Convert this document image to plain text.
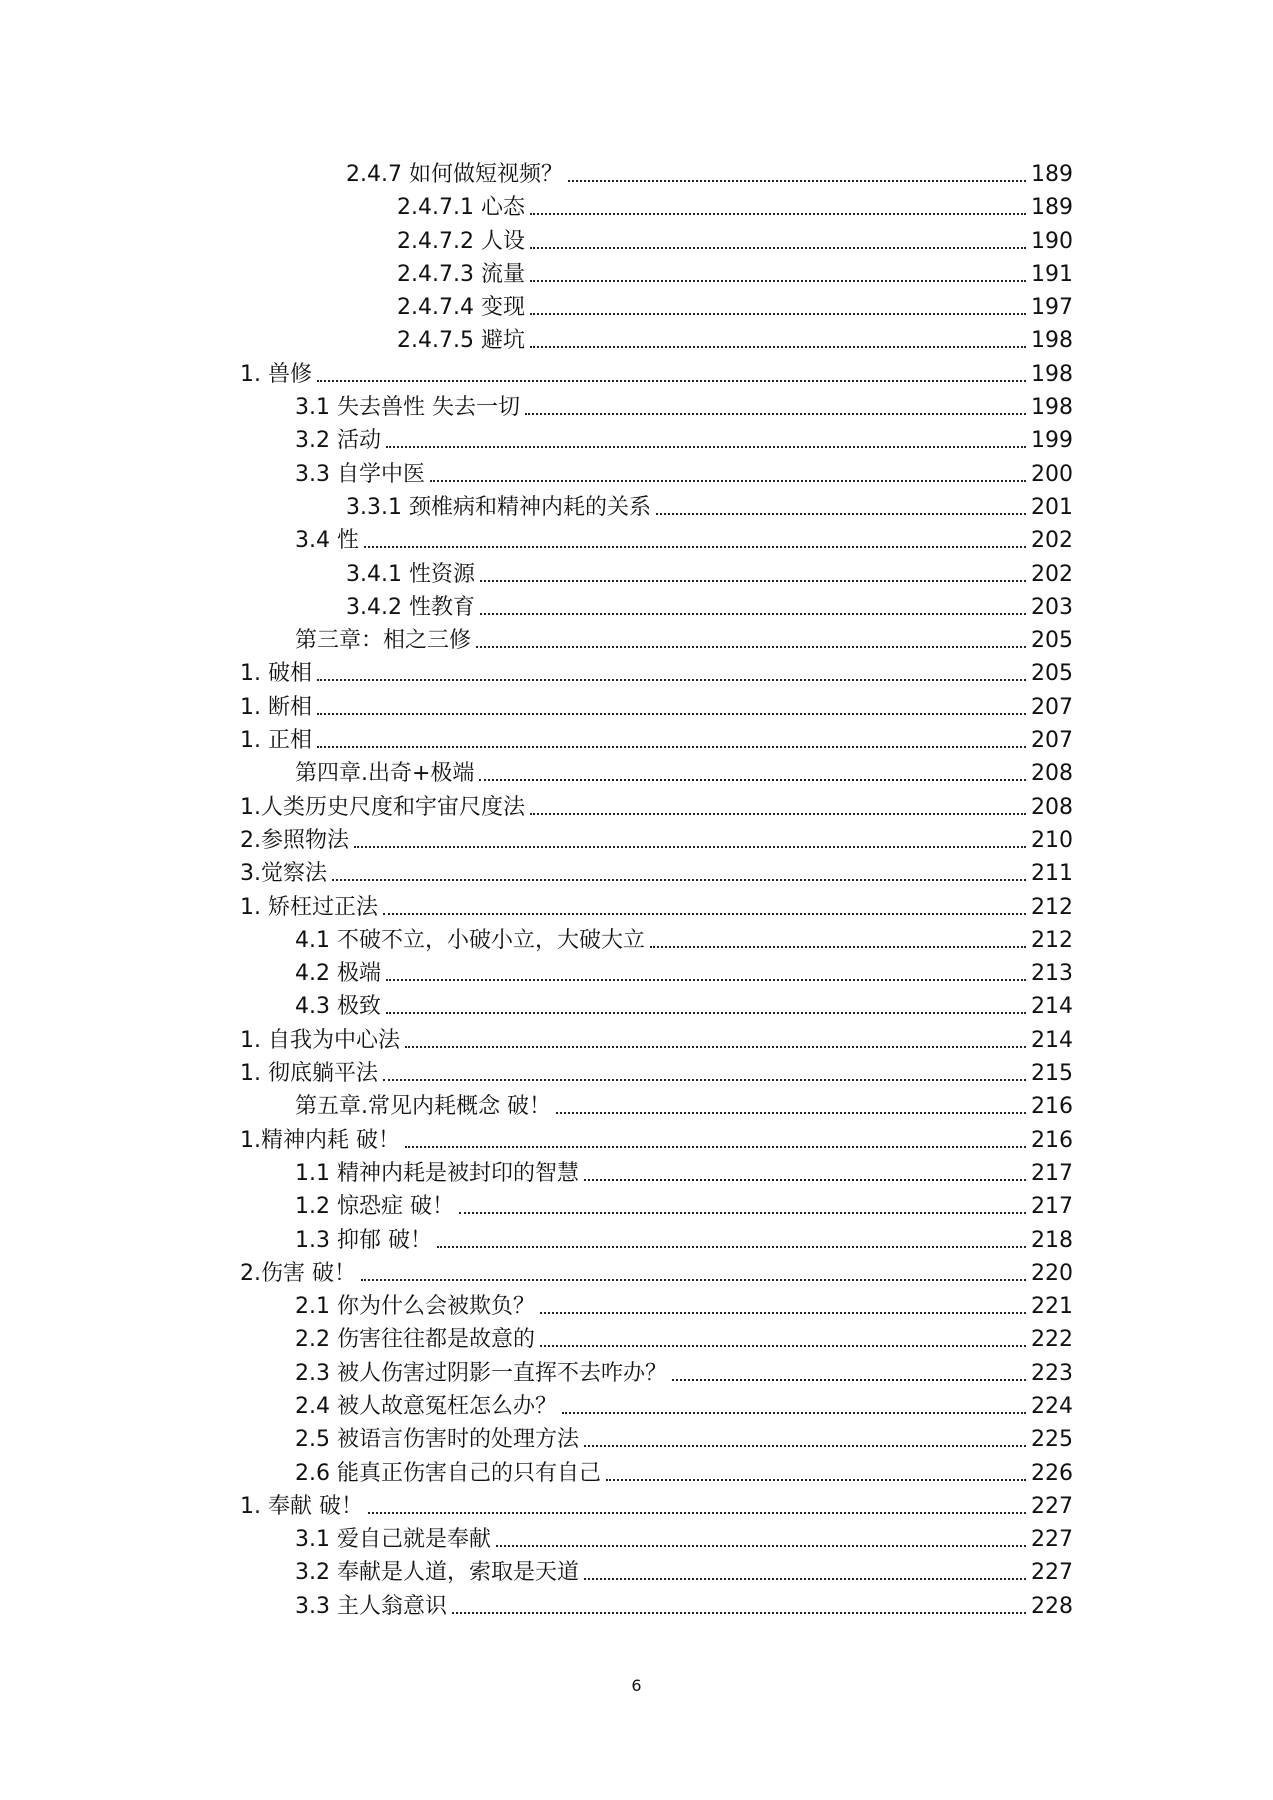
2.4.7 如何做短视频？	189
2.4.7.1 心态	189
2.4.7.2 人设	190
2.4.7.3 流量	191
2.4.7.4 变现	197
2.4.7.5 避坑	198
1. 兽修	198
3.1 失去兽性 失去一切	198
3.2 活动	199
3.3 自学中医	200
3.3.1 颈椎病和精神内耗的关系	201
3.4 性	202
3.4.1 性资源	202
3.4.2 性教育	203
第三章：相之三修	205
1. 破相	205
1. 断相	207
1. 正相	207
第四章.出奇+极端	208
1.人类历史尺度和宇宙尺度法	208
2.参照物法	210
3.觉察法	211
1. 矫枉过正法	212
4.1 不破不立，小破小立，大破大立	212
4.2 极端	213
4.3 极致	214
1. 自我为中心法	214
1. 彻底躺平法	215
第五章.常见内耗概念 破！	216
1.精神内耗 破！	216
1.1 精神内耗是被封印的智慧	217
1.2 惊恐症 破！	217
1.3 抑郁 破！	218
2.伤害 破！	220
2.1 你为什么会被欺负？	221
2.2 伤害往往都是故意的	222
2.3 被人伤害过阴影一直挥不去咋办？	223
2.4 被人故意冤枉怎么办？	224
2.5 被语言伤害时的处理方法	225
2.6 能真正伤害自己的只有自己	226
1. 奉献 破！	227
3.1 爱自己就是奉献	227
3.2 奉献是人道，索取是天道	227
3.3 主人翁意识	228
6
